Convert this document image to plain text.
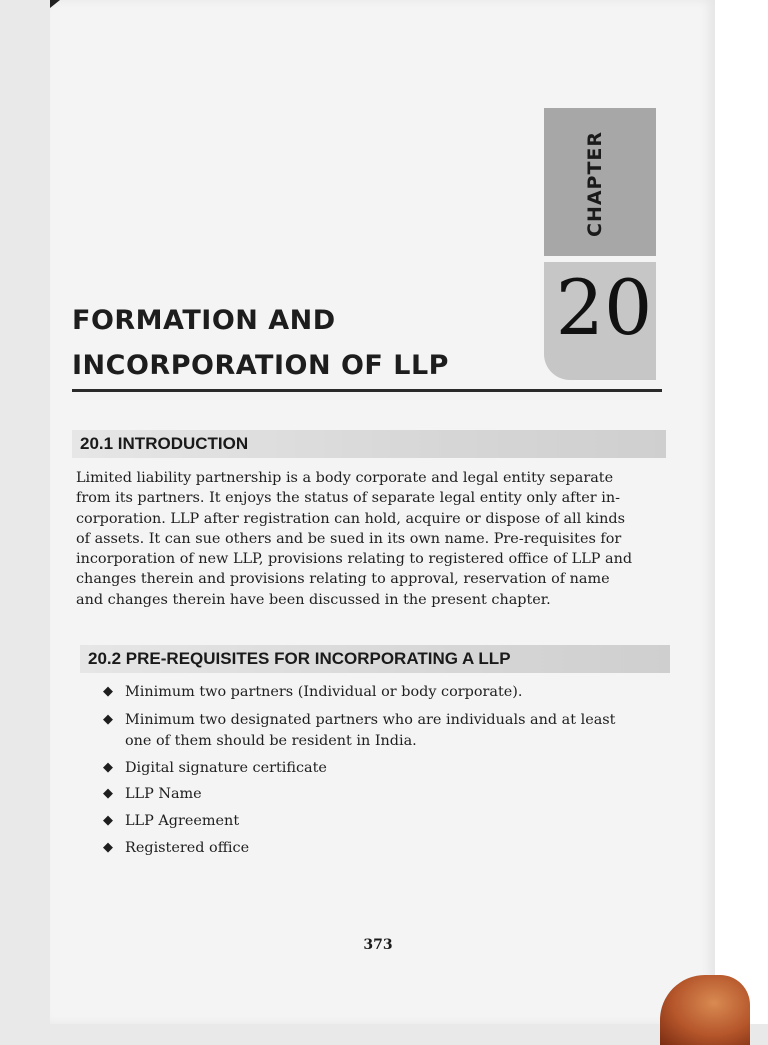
CHAPTER
20
FORMATION AND
INCORPORATION OF LLP
20.1 INTRODUCTION
Limited liability partnership is a body corporate and legal entity separate
from its partners. It enjoys the status of separate legal entity only after in-
corporation. LLP after registration can hold, acquire or dispose of all kinds
of assets. It can sue others and be sued in its own name. Pre-requisites for
incorporation of new LLP, provisions relating to registered office of LLP and
changes therein and provisions relating to approval, reservation of name
and changes therein have been discussed in the present chapter.
20.2 PRE-REQUISITES FOR INCORPORATING A LLP
◆ Minimum two partners (Individual or body corporate).
◆ Minimum two designated partners who are individuals and at least
one of them should be resident in India.
◆ Digital signature certificate
◆ LLP Name
◆ LLP Agreement
◆ Registered office
373
